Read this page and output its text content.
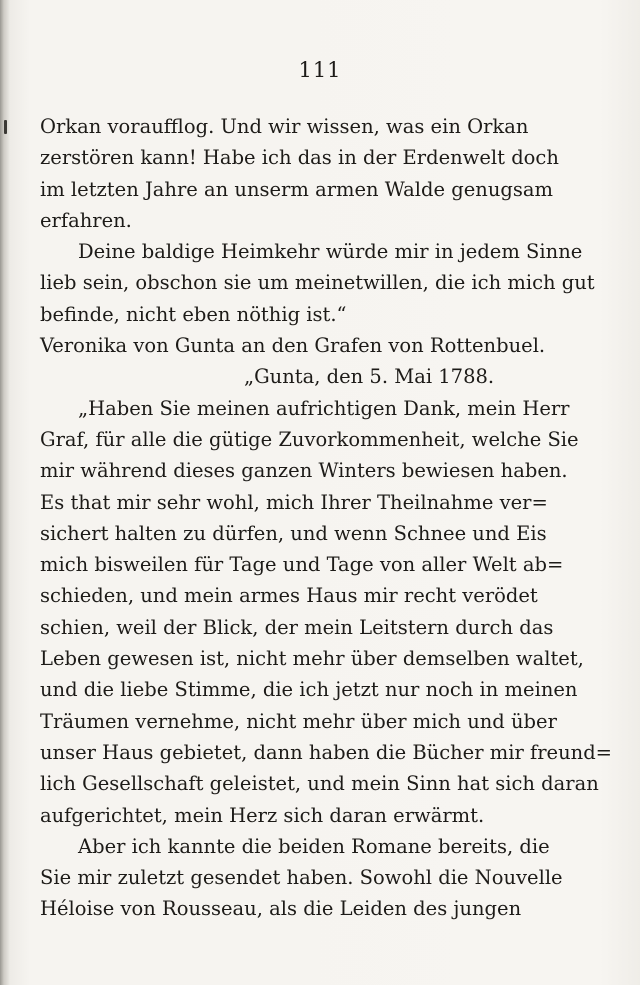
111
Orkan voraufflog. Und wir wissen, was ein Orkan
zerstören kann! Habe ich das in der Erdenwelt doch
im letzten Jahre an unserm armen Walde genugsam
erfahren.
Deine baldige Heimkehr würde mir in jedem Sinne
lieb sein, obschon sie um meinetwillen, die ich mich gut
befinde, nicht eben nöthig ist.“
Veronika von Gunta an den Grafen von Rottenbuel.
„Gunta, den 5. Mai 1788.
„Haben Sie meinen aufrichtigen Dank, mein Herr
Graf, für alle die gütige Zuvorkommenheit, welche Sie
mir während dieses ganzen Winters bewiesen haben.
Es that mir sehr wohl, mich Ihrer Theilnahme ver=
sichert halten zu dürfen, und wenn Schnee und Eis
mich bisweilen für Tage und Tage von aller Welt ab=
schieden, und mein armes Haus mir recht verödet
schien, weil der Blick, der mein Leitstern durch das
Leben gewesen ist, nicht mehr über demselben waltet,
und die liebe Stimme, die ich jetzt nur noch in meinen
Träumen vernehme, nicht mehr über mich und über
unser Haus gebietet, dann haben die Bücher mir freund=
lich Gesellschaft geleistet, und mein Sinn hat sich daran
aufgerichtet, mein Herz sich daran erwärmt.
Aber ich kannte die beiden Romane bereits, die
Sie mir zuletzt gesendet haben. Sowohl die Nouvelle
Héloise von Rousseau, als die Leiden des jungen
